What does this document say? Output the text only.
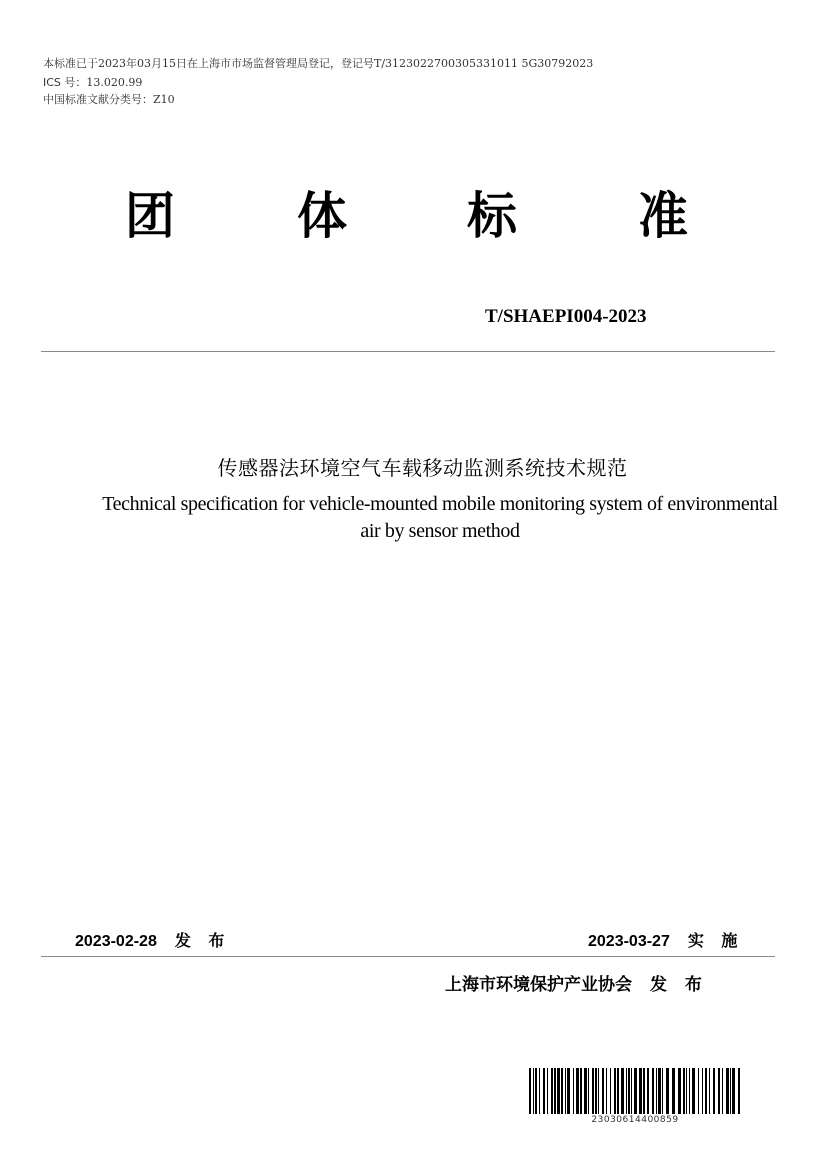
本标准已于2023年03月15日在上海市市场监督管理局登记，登记号T/3123022700305331011 5G30792023
ICS 号：13.020.99
中国标准文献分类号：Z10
团 体 标 准
T/SHAEPI004-2023
传感器法环境空气车载移动监测系统技术规范
Technical specification for vehicle-mounted mobile monitoring system of environmental air by sensor method
2023-02-28 发 布	2023-03-27 实 施
上海市环境保护产业协会 发 布
23030614400859
